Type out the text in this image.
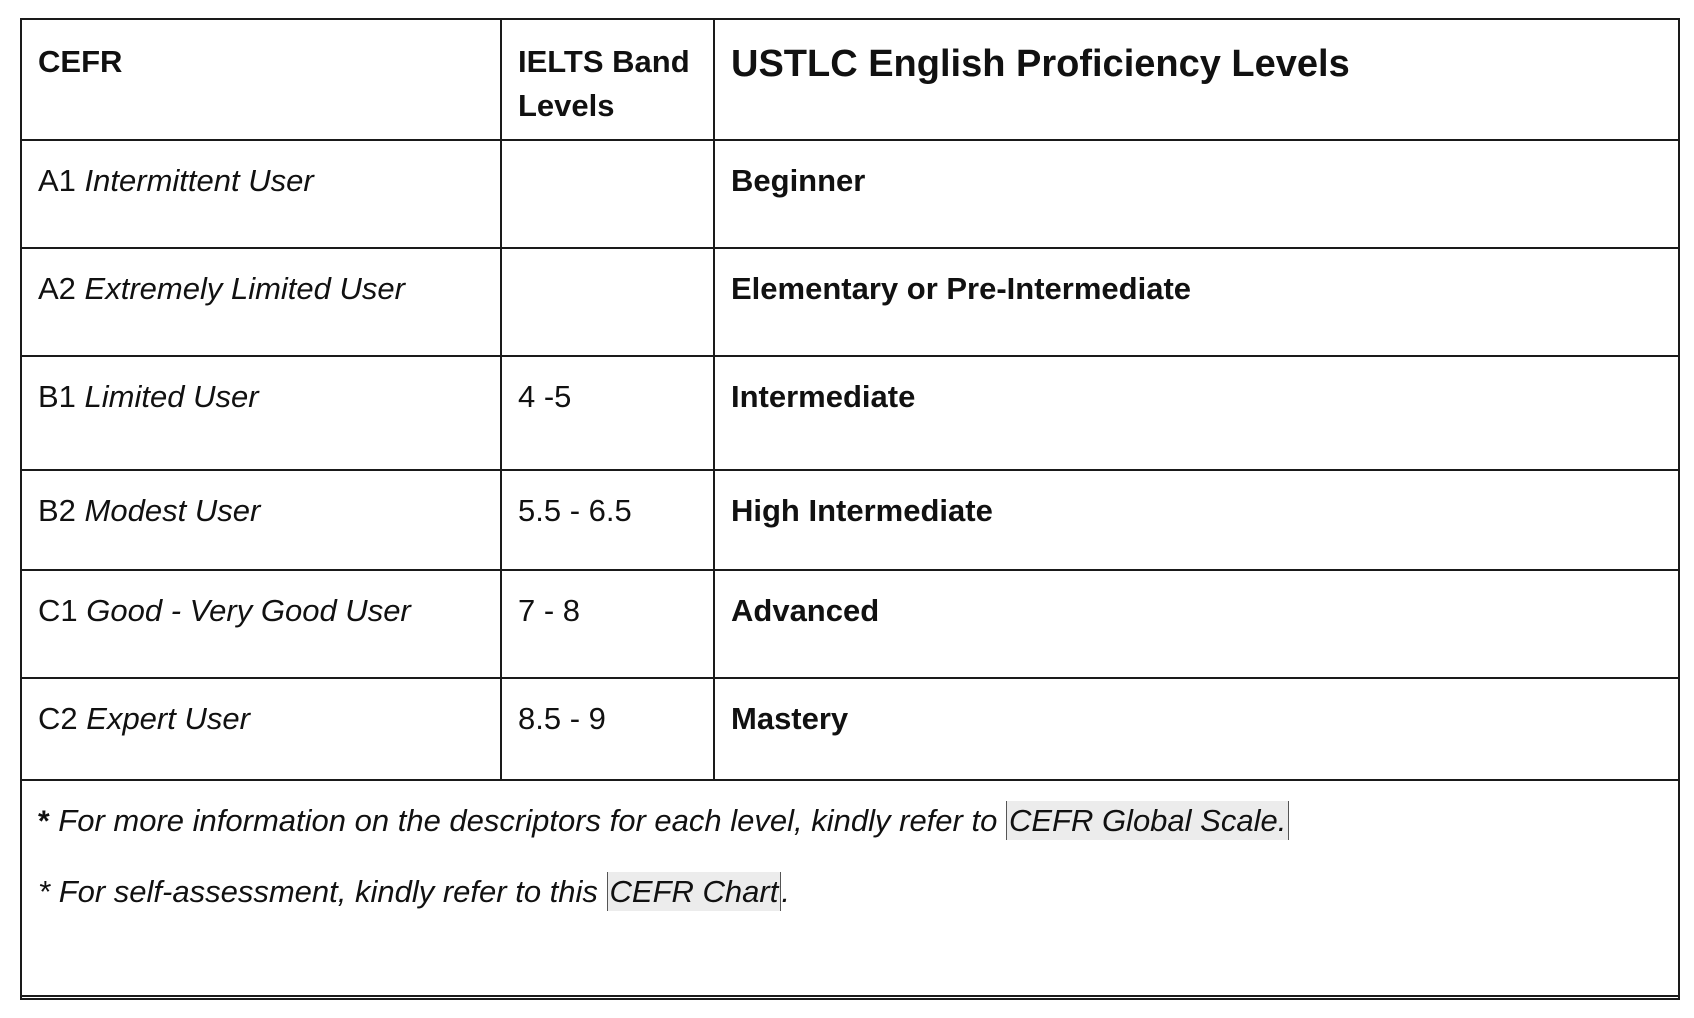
CEFR	IELTS Band Levels	USTLC English Proficiency Levels
A1 Intermittent User		Beginner
A2 Extremely Limited User		Elementary or Pre-Intermediate
B1 Limited User	4 -5	Intermediate
B2 Modest User	5.5 - 6.5	High Intermediate
C1 Good - Very Good User	7 - 8	Advanced
C2 Expert User	8.5 - 9	Mastery

* For more information on the descriptors for each level, kindly refer to CEFR Global Scale.

* For self-assessment, kindly refer to this CEFR Chart.		
